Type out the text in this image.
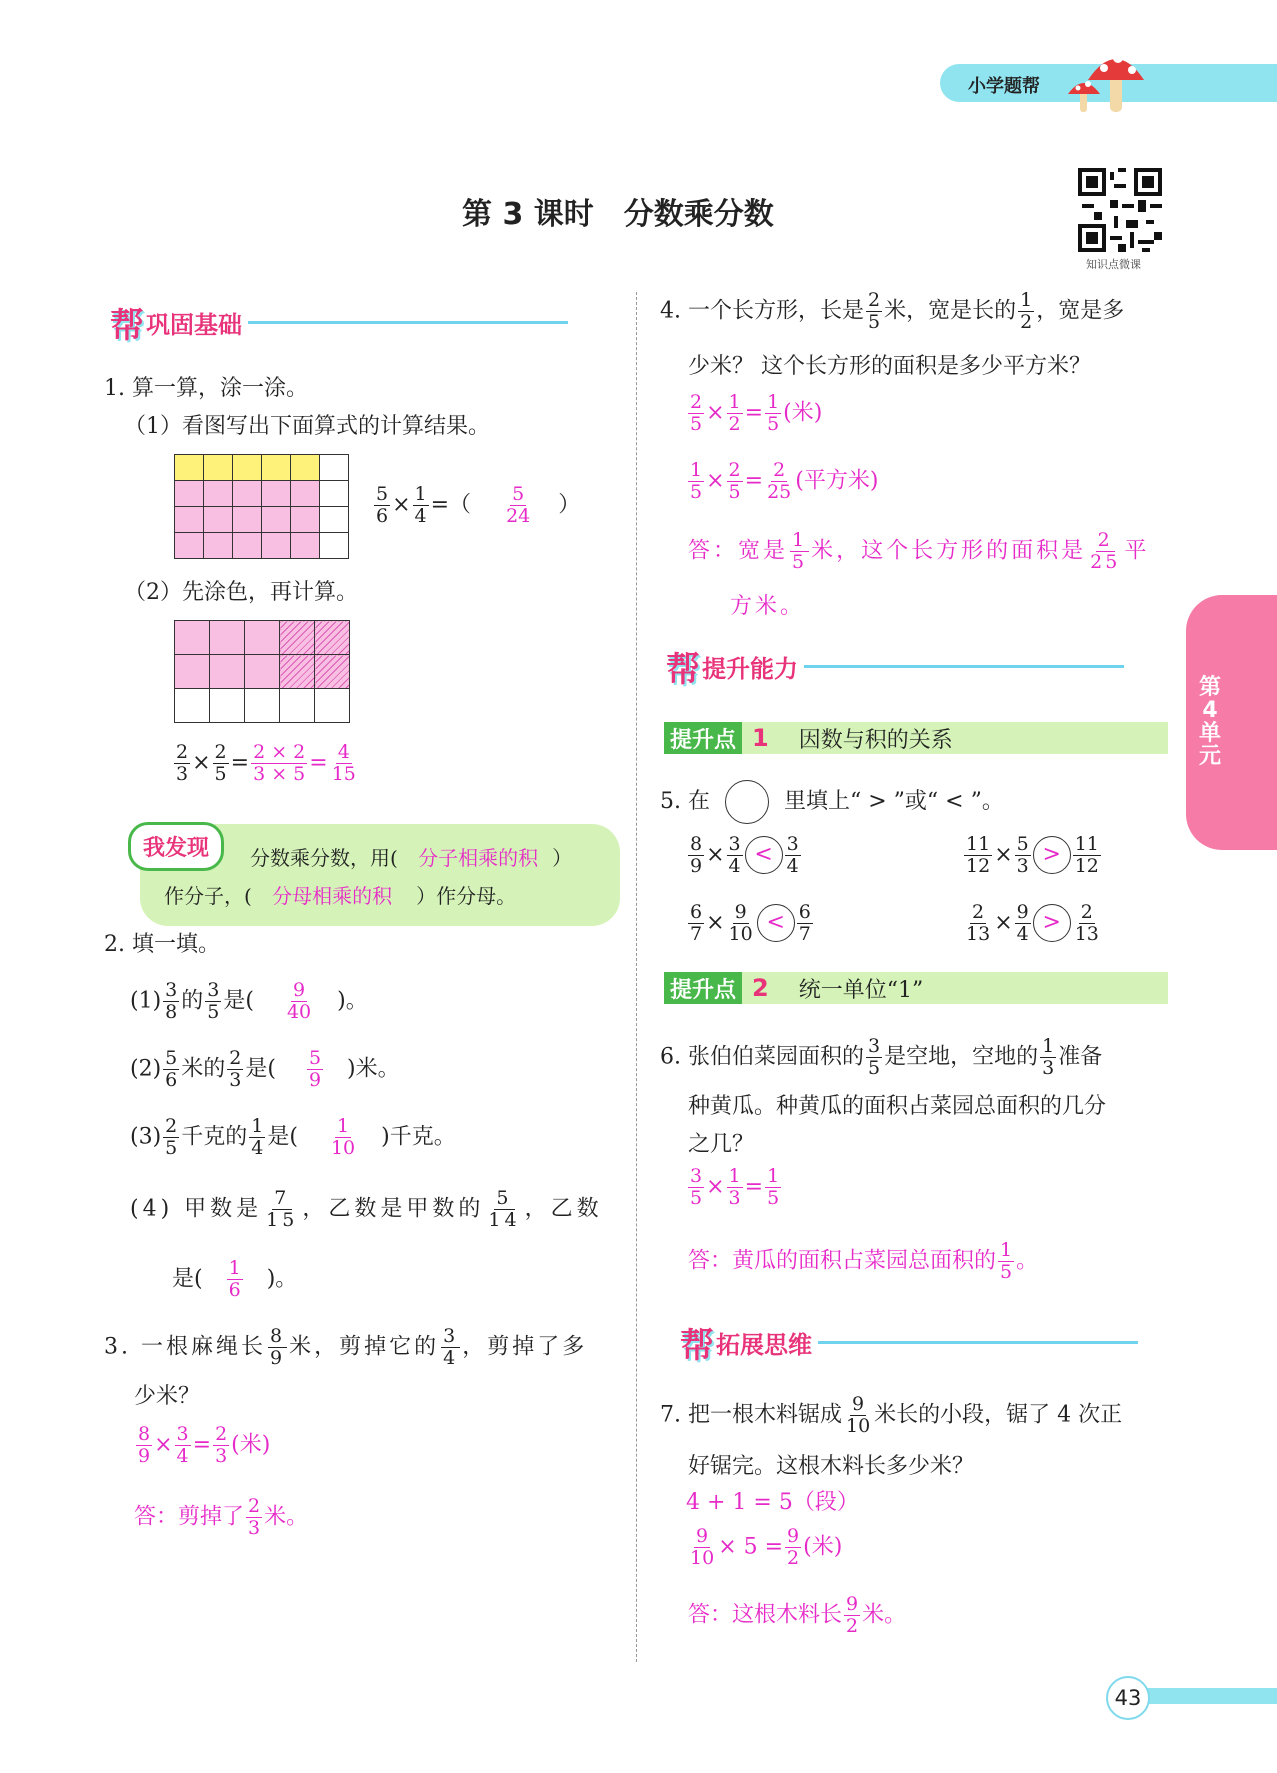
小学题帮
第 3 课时　分数乘分数
知识点微课
第
4
单
元
帮 巩固基础
1. 算一算，涂一涂。
（1）看图写出下面算式的计算结果。

$\frac{5}{6} \times \frac{1}{4}$ =（ $\frac{5}{24}$ ）
（2）先涂色，再计算。

$\frac{2}{3} \times \frac{2}{5} = \frac{2 \times 2}{3 \times 5} = \frac{4}{15}$
我发现	分数乘分数，用( 分子相乘的积 ）
作分子，( 分母相乘的积 ）作分母。
2. 填一填。
$(1) \frac{3}{8}$ 的 $\frac{3}{5}$ 是( $\frac{9}{40}$ )。
$(2) \frac{5}{6}$ 米的 $\frac{2}{3}$ 是( $\frac{5}{9}$ )米。
$(3) \frac{2}{5}$ 千克的 $\frac{1}{4}$ 是( $\frac{1}{10}$ )千克。
(4) 甲数是 $\frac{7}{15}$ ，乙数是甲数的 $\frac{5}{14}$ ，乙数
是( $\frac{1}{6}$ )。
3. 一根麻绳长 $\frac{8}{9}$ 米，剪掉它的 $\frac{3}{4}$ ，剪掉了多
少米？
$\frac{8}{9} \times \frac{3}{4} = \frac{2}{3}$ (米)
答：剪掉了 $\frac{2}{3}$ 米。
4. 一个长方形，长是 $\frac{2}{5}$ 米，宽是长的 $\frac{1}{2}$ ，宽是多
少米？ 这个长方形的面积是多少平方米？
$\frac{2}{5} \times \frac{1}{2} = \frac{1}{5}$ (米)
$\frac{1}{5} \times \frac{2}{5} = \frac{2}{25}$ (平方米)
答：宽是 $\frac{1}{5}$ 米，这个长方形的面积是 $\frac{2}{25}$ 平
方米。
帮 提升能力
提升点 1 因数与积的关系
5. 在	里填上“ > ”或“ < ”。
$\frac{8}{9} \times \frac{3}{4} < \frac{3}{4}$	$\frac{11}{12} \times \frac{5}{3} > \frac{11}{12}$
$\frac{6}{7} \times \frac{9}{10} < \frac{6}{7}$	$\frac{2}{13} \times \frac{9}{4} > \frac{2}{13}$
提升点 2 统一单位“1”
6. 张伯伯菜园面积的 $\frac{3}{5}$ 是空地，空地的 $\frac{1}{3}$ 准备
种黄瓜。种黄瓜的面积占菜园总面积的几分
之几？
$\frac{3}{5} \times \frac{1}{3} = \frac{1}{5}$
答：黄瓜的面积占菜园总面积的 $\frac{1}{5}$ 。
帮 拓展思维
7. 把一根木料锯成 $\frac{9}{10}$ 米长的小段，锯了 4 次正
好锯完。这根木料长多少米？
4 + 1 = 5（段）
$\frac{9}{10} \times 5 = \frac{9}{2}$ (米)
答：这根木料长 $\frac{9}{2}$ 米。
43
